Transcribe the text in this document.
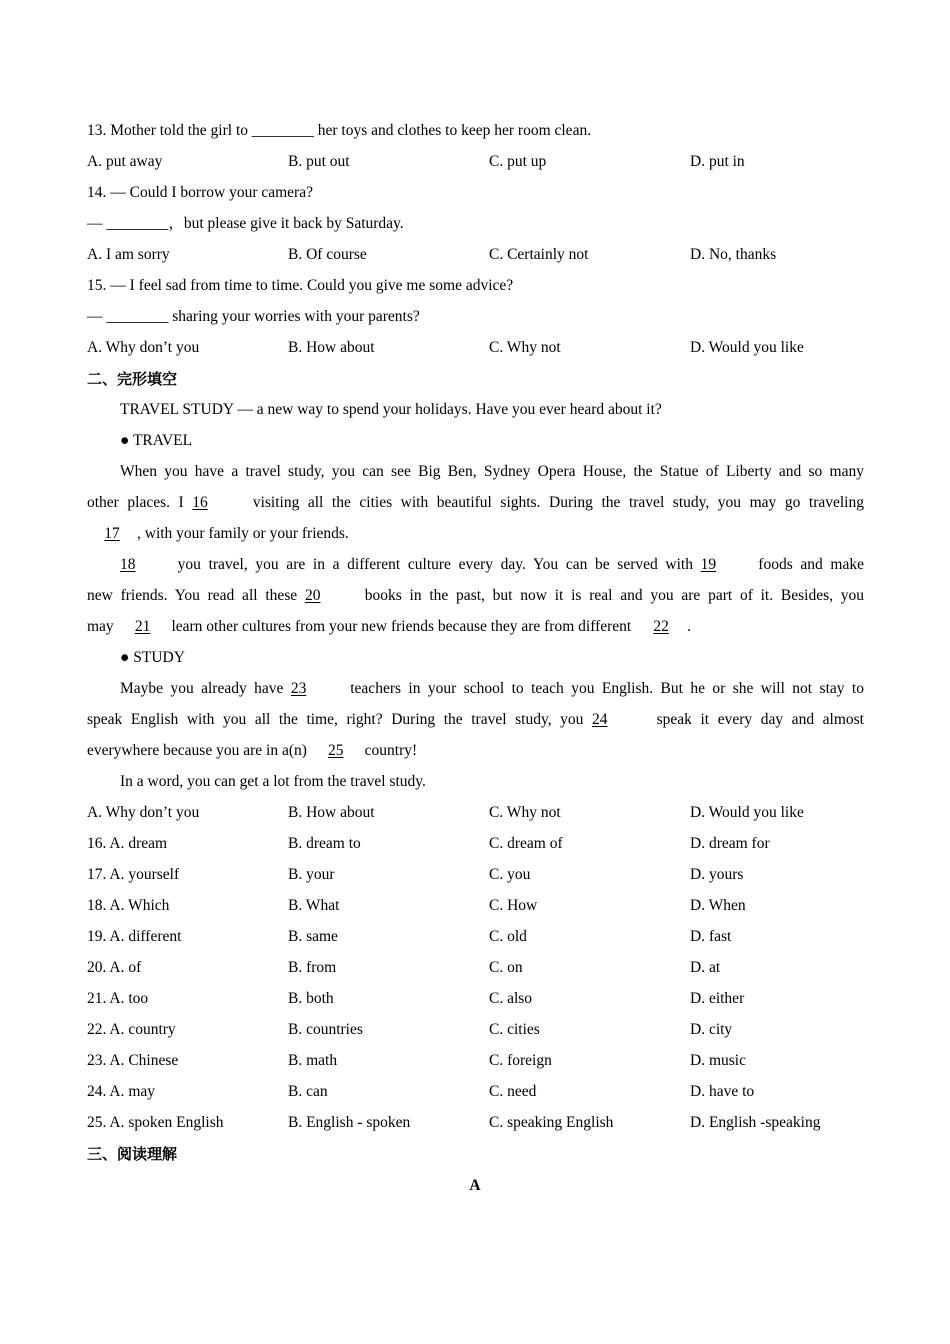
13. Mother told the girl to ________ her toys and clothes to keep her room clean.
A. put away	B. put out	C. put up	D. put in
14. — Could I borrow your camera?
— ________，but please give it back by Saturday.
A. I am sorry	B. Of course	C. Certainly not	D. No, thanks
15. — I feel sad from time to time. Could you give me some advice?
— ________ sharing your worries with your parents?
A. Why don’t you	B. How about	C. Why not	D. Would you like
二、完形填空
TRAVEL STUDY — a new way to spend your holidays. Have you ever heard about it?
● TRAVEL
When you have a travel study, you can see Big Ben, Sydney Opera House, the Statue of Liberty and so many
other places. I 16 visiting all the cities with beautiful sights. During the travel study, you may go traveling
17 , with your family or your friends.
18 you travel, you are in a different culture every day. You can be served with 19 foods and make
new friends. You read all these 20 books in the past, but now it is real and you are part of it. Besides, you
may 21 learn other cultures from your new friends because they are from different 22 .
● STUDY
Maybe you already have 23 teachers in your school to teach you English. But he or she will not stay to
speak English with you all the time, right? During the travel study, you 24	speak it every day and almost
everywhere because you are in a(n) 25 country!
In a word, you can get a lot from the travel study.
A. Why don’t you	B. How about	C. Why not	D. Would you like
16. A. dream	B. dream to	C. dream of	D. dream for
17. A. yourself	B. your	C. you	D. yours
18. A. Which	B. What	C. How	D. When
19. A. different	B. same	C. old	D. fast
20. A. of	B. from	C. on	D. at
21. A. too	B. both	C. also	D. either
22. A. country	B. countries	C. cities	D. city
23. A. Chinese	B. math	C. foreign	D. music
24. A. may	B. can	C. need	D. have to
25. A. spoken English	B. English - spoken	C. speaking English	D. English -speaking
三、阅读理解
A
